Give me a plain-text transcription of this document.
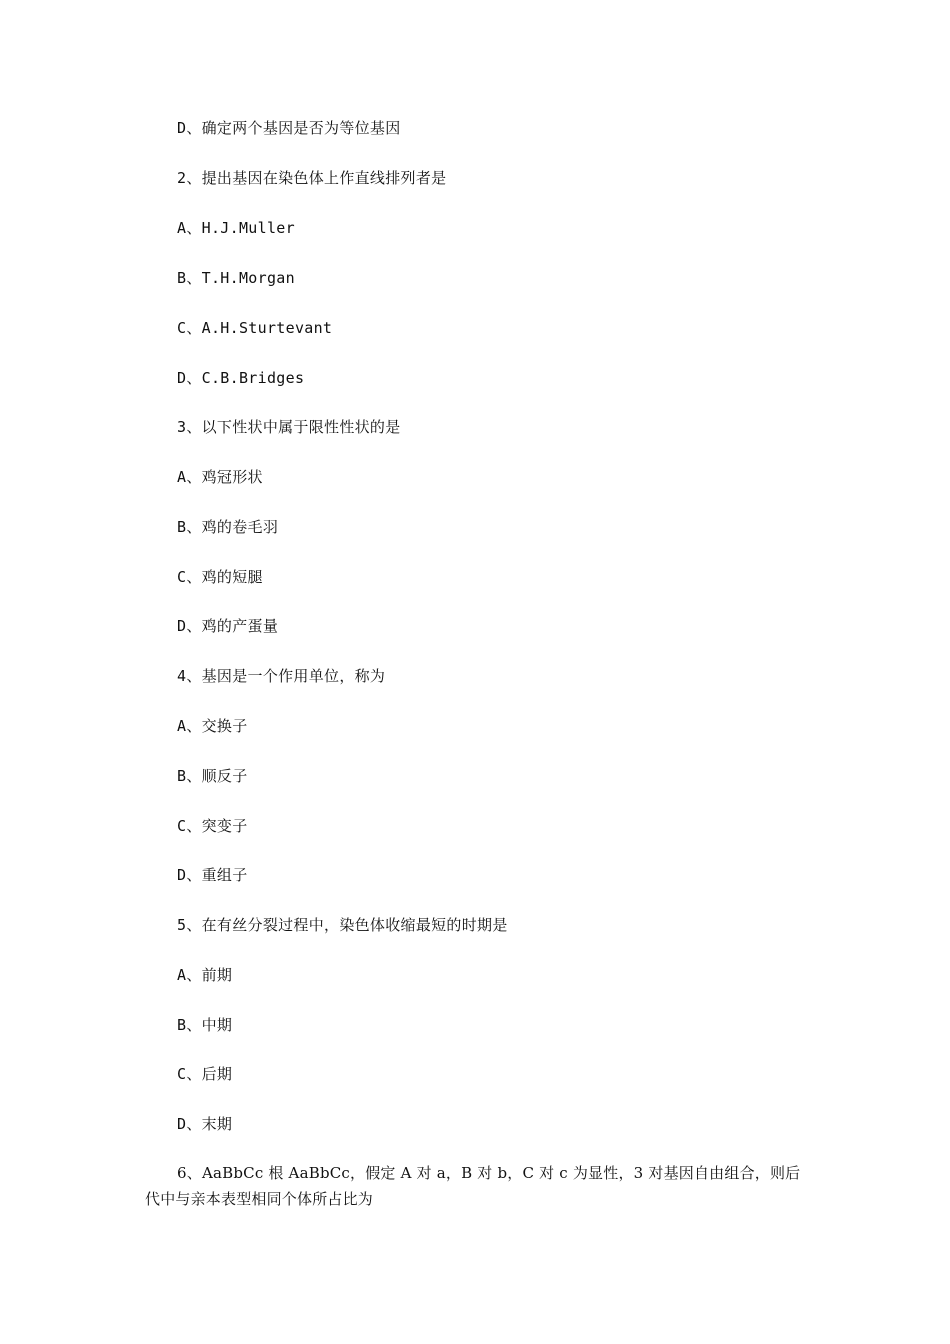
D、确定两个基因是否为等位基因
2、提出基因在染色体上作直线排列者是
A、H.J.Muller
B、T.H.Morgan
C、A.H.Sturtevant
D、C.B.Bridges
3、以下性状中属于限性性状的是
A、鸡冠形状
B、鸡的卷毛羽
C、鸡的短腿
D、鸡的产蛋量
4、基因是一个作用单位，称为
A、交换子
B、顺反子
C、突变子
D、重组子
5、在有丝分裂过程中，染色体收缩最短的时期是
A、前期
B、中期
C、后期
D、末期
6、AaBbCc 根 AaBbCc，假定 A 对 a，B 对 b，C 对 c 为显性，3 对基因自由组合，则后代中与亲本表型相同个体所占比为
